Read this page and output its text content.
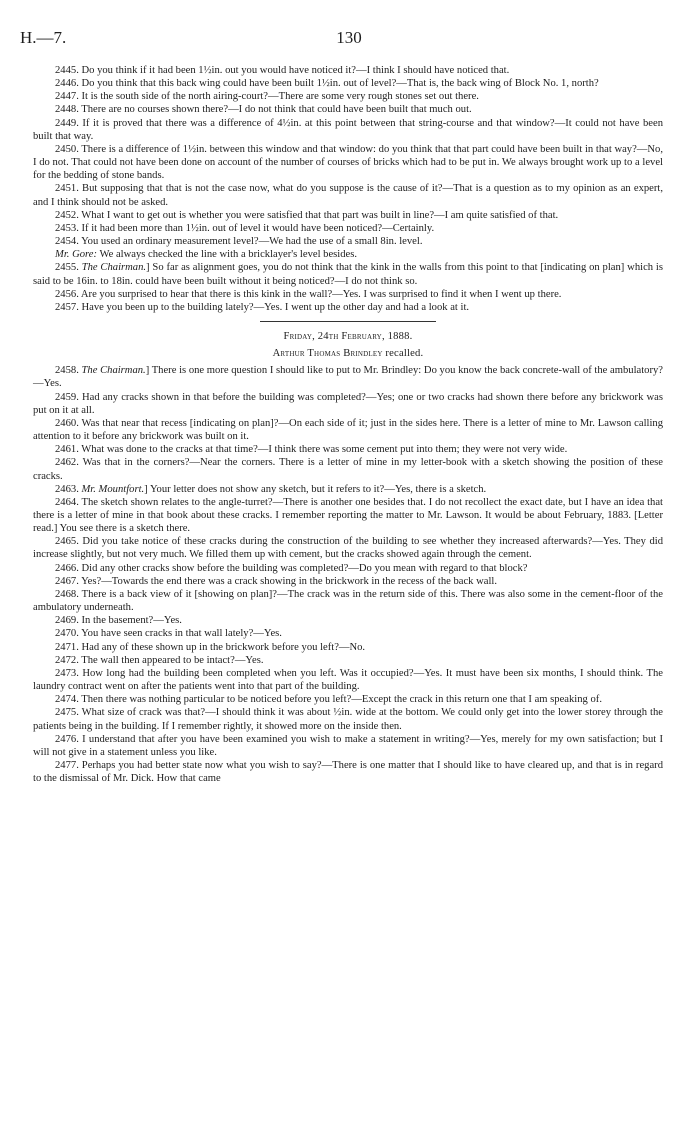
H.—7.	130

2445. Do you think if it had been 1½in. out you would have noticed it?—I think I should have noticed that.

2446. Do you think that this back wing could have been built 1½in. out of level?—That is, the back wing of Block No. 1, north?

2447. It is the south side of the north airing-court?—There are some very rough stones set out there.

2448. There are no courses shown there?—I do not think that could have been built that much out.

2449. If it is proved that there was a difference of 4½in. at this point between that string-course and that window?—It could not have been built that way.

2450. There is a difference of 1½in. between this window and that window: do you think that that part could have been built in that way?—No, I do not. That could not have been done on account of the number of courses of bricks which had to be put in. We always brought work up to a level for the bedding of stone bands.

2451. But supposing that that is not the case now, what do you suppose is the cause of it?—That is a question as to my opinion as an expert, and I think should not be asked.

2452. What I want to get out is whether you were satisfied that that part was built in line?—I am quite satisfied of that.

2453. If it had been more than 1½in. out of level it would have been noticed?—Certainly.

2454. You used an ordinary measurement level?—We had the use of a small 8in. level.

Mr. Gore: We always checked the line with a bricklayer's level besides.

2455. The Chairman.] So far as alignment goes, you do not think that the kink in the walls from this point to that [indicating on plan] which is said to be 16in. to 18in. could have been built without it being noticed?—I do not think so.

2456. Are you surprised to hear that there is this kink in the wall?—Yes. I was surprised to find it when I went up there.

2457. Have you been up to the building lately?—Yes. I went up the other day and had a look at it.

Friday, 24th February, 1888.

Arthur Thomas Brindley recalled.

2458. The Chairman.] There is one more question I should like to put to Mr. Brindley: Do you know the back concrete-wall of the ambulatory?—Yes.

2459. Had any cracks shown in that before the building was completed?—Yes; one or two cracks had shown there before any brickwork was put on it at all.

2460. Was that near that recess [indicating on plan]?—On each side of it; just in the sides here. There is a letter of mine to Mr. Lawson calling attention to it before any brickwork was built on it.

2461. What was done to the cracks at that time?—I think there was some cement put into them; they were not very wide.

2462. Was that in the corners?—Near the corners. There is a letter of mine in my letter-book with a sketch showing the position of these cracks.

2463. Mr. Mountfort.] Your letter does not show any sketch, but it refers to it?—Yes, there is a sketch.

2464. The sketch shown relates to the angle-turret?—There is another one besides that. I do not recollect the exact date, but I have an idea that there is a letter of mine in that book about these cracks. I remember reporting the matter to Mr. Lawson. It would be about February, 1883. [Letter read.] You see there is a sketch there.

2465. Did you take notice of these cracks during the construction of the building to see whether they increased afterwards?—Yes. They did increase slightly, but not very much. We filled them up with cement, but the cracks showed again through the cement.

2466. Did any other cracks show before the building was completed?—Do you mean with regard to that block?

2467. Yes?—Towards the end there was a crack showing in the brickwork in the recess of the back wall.

2468. There is a back view of it [showing on plan]?—The crack was in the return side of this. There was also some in the cement-floor of the ambulatory underneath.

2469. In the basement?—Yes.

2470. You have seen cracks in that wall lately?—Yes.

2471. Had any of these shown up in the brickwork before you left?—No.

2472. The wall then appeared to be intact?—Yes.

2473. How long had the building been completed when you left. Was it occupied?—Yes. It must have been six months, I should think. The laundry contract went on after the patients went into that part of the building.

2474. Then there was nothing particular to be noticed before you left?—Except the crack in this return one that I am speaking of.

2475. What size of crack was that?—I should think it was about ½in. wide at the bottom. We could only get into the lower storey through the patients being in the building. If I remember rightly, it showed more on the inside then.

2476. I understand that after you have been examined you wish to make a statement in writing?—Yes, merely for my own satisfaction; but I will not give in a statement unless you like.

2477. Perhaps you had better state now what you wish to say?—There is one matter that I should like to have cleared up, and that is in regard to the dismissal of Mr. Dick. How that came
